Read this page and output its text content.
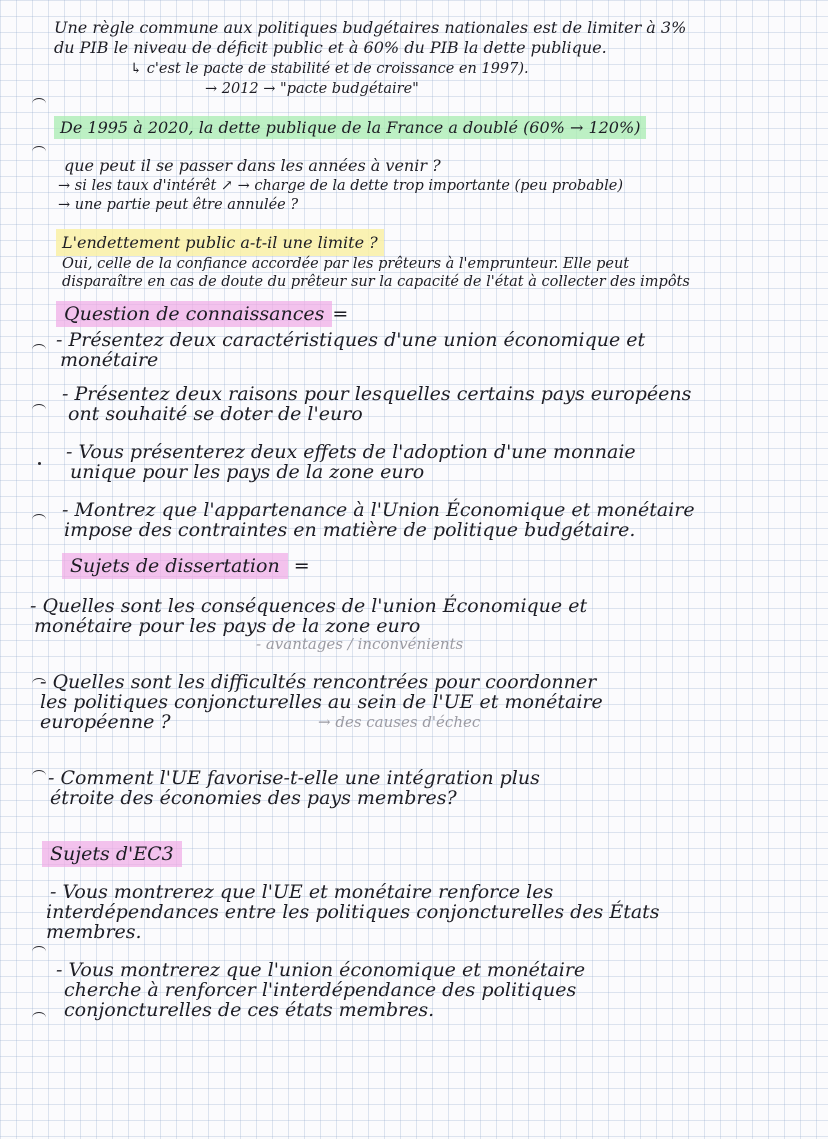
Une règle commune aux politiques budgétaires nationales est de limiter à 3%
du PIB le niveau de déficit public et à 60% du PIB la dette publique.
↳ c'est le pacte de stabilité et de croissance en 1997).
→ 2012 → "pacte budgétaire"
De 1995 à 2020, la dette publique de la France a doublé (60% → 120%)
que peut il se passer dans les années à venir ?
→ si les taux d'intérêt ↗ → charge de la dette trop importante (peu probable)
→ une partie peut être annulée ?
L'endettement public a-t-il une limite ?
Oui, celle de la confiance accordée par les prêteurs à l'emprunteur. Elle peut
disparaître en cas de doute du prêteur sur la capacité de l'état à collecter des impôts
Question de connaissances =
- Présentez deux caractéristiques d'une union économique et
monétaire
- Présentez deux raisons pour lesquelles certains pays européens
ont souhaité se doter de l'euro
- Vous présenterez deux effets de l'adoption d'une monnaie
unique pour les pays de la zone euro
- Montrez que l'appartenance à l'Union Économique et monétaire
impose des contraintes en matière de politique budgétaire.
Sujets de dissertation =
- Quelles sont les conséquences de l'union Économique et
monétaire pour les pays de la zone euro
- avantages / inconvénients
- Quelles sont les difficultés rencontrées pour coordonner
les politiques conjoncturelles au sein de l'UE et monétaire
européenne ?	→ des causes d'échec
- Comment l'UE favorise-t-elle une intégration plus
étroite des économies des pays membres?
Sujets d'EC3
- Vous montrerez que l'UE et monétaire renforce les
interdépendances entre les politiques conjoncturelles des États
membres.
- Vous montrerez que l'union économique et monétaire
cherche à renforcer l'interdépendance des politiques
conjoncturelles de ces états membres.
